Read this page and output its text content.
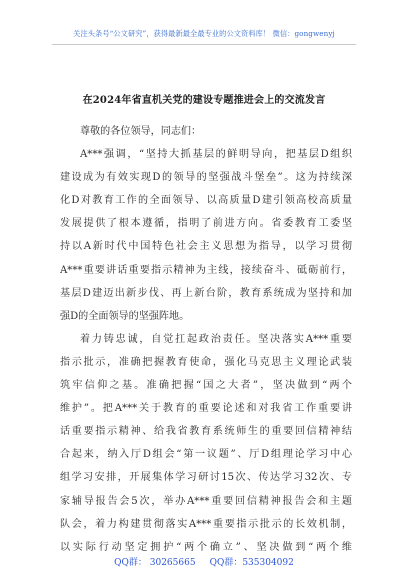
关注头条号“公文研究”，获得最新最全最专业的公文资料库！ 微信：gongwenyj
在2024年省直机关党的建设专题推进会上的交流发言
尊敬的各位领导，同志们：
A***强调，“坚持大抓基层的鲜明导向，把基层D组织
建设成为有效实现D的领导的坚强战斗堡垒”。这为持续深
化D对教育工作的全面领导、以高质量D建引领高校高质量
发展提供了根本遵循，指明了前进方向。省委教育工委坚
持以A新时代中国特色社会主义思想为指导，以学习贯彻
A***重要讲话重要指示精神为主线，接续奋斗、砥砺前行，
基层D建迈出新步伐、再上新台阶，教育系统成为坚持和加
强D的全面领导的坚强阵地。
着力铸忠诚，自觉扛起政治责任。坚决落实A***重要
指示批示，准确把握教育使命，强化马克思主义理论武装
筑牢信仰之基。准确把握“国之大者”，坚决做到“两个
维护”。把A***关于教育的重要论述和对我省工作重要讲
话重要指示精神、给我省教育系统师生的重要回信精神结
合起来，纳入厅D组会“第一议题”、厅D组理论学习中心
组学习安排，开展集体学习研讨15次、传达学习32次、专
家辅导报告会5次，举办A***重要回信精神报告会和主题
队会，着力构建贯彻落实A***重要指示批示的长效机制，
以实际行动坚定拥护“两个确立”、坚决做到“两个维
QQ群： 30265665 QQ群：535304092
